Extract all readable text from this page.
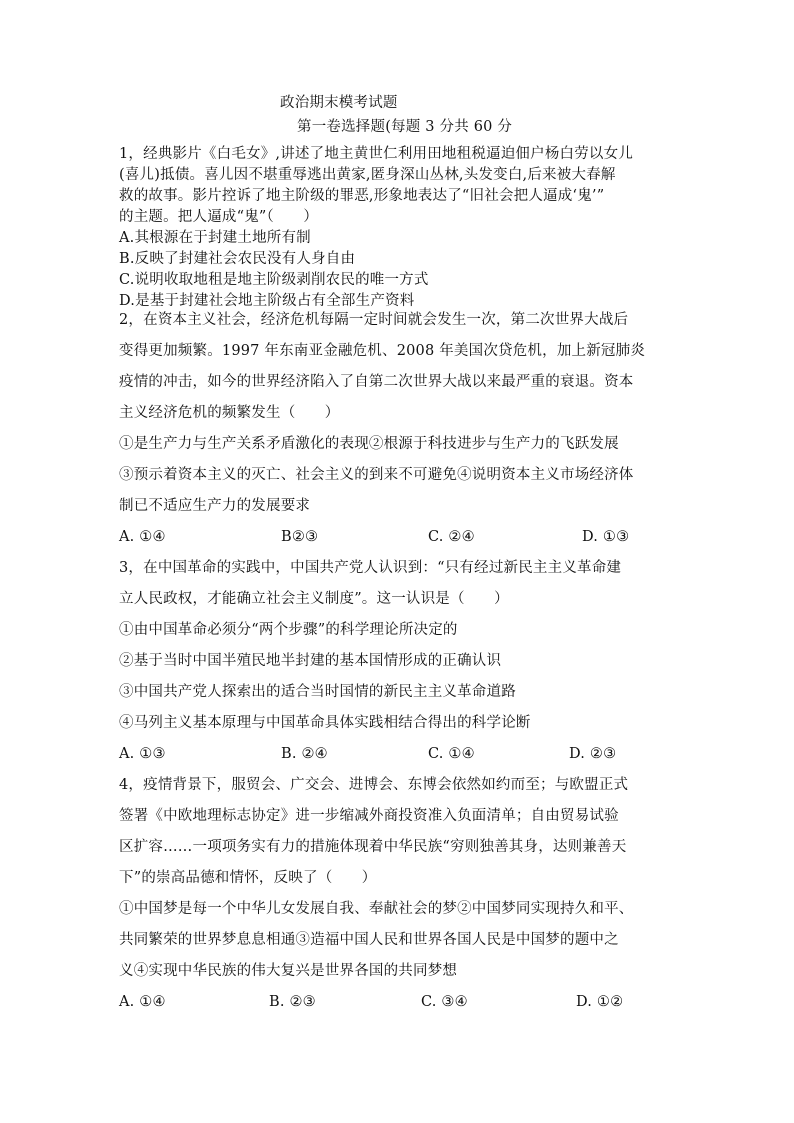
政治期末模考试题
第一卷选择题(每题 3 分共 60 分
1，经典影片《白毛女》,讲述了地主黄世仁利用田地租税逼迫佃户杨白劳以女儿
(喜儿)抵债。喜儿因不堪重辱逃出黄家,匿身深山丛林,头发变白,后来被大春解
救的故事。影片控诉了地主阶级的罪恶,形象地表达了“旧社会把人逼成‘鬼’”
的主题。把人逼成“鬼”（　　）
A.其根源在于封建土地所有制
B.反映了封建社会农民没有人身自由
C.说明收取地租是地主阶级剥削农民的唯一方式
D.是基于封建社会地主阶级占有全部生产资料
2，在资本主义社会，经济危机每隔一定时间就会发生一次，第二次世界大战后
变得更加频繁。1997 年东南亚金融危机、2008 年美国次贷危机，加上新冠肺炎
疫情的冲击，如今的世界经济陷入了自第二次世界大战以来最严重的衰退。资本
主义经济危机的频繁发生（　　）
①是生产力与生产关系矛盾激化的表现②根源于科技进步与生产力的飞跃发展
③预示着资本主义的灭亡、社会主义的到来不可避免④说明资本主义市场经济体
制已不适应生产力的发展要求
A. ①④	B②③	C. ②④	D. ①③
3，在中国革命的实践中，中国共产党人认识到：“只有经过新民主主义革命建
立人民政权，才能确立社会主义制度”。这一认识是（　　）
①由中国革命必须分“两个步骤”的科学理论所决定的
②基于当时中国半殖民地半封建的基本国情形成的正确认识
③中国共产党人探索出的适合当时国情的新民主主义革命道路
④马列主义基本原理与中国革命具体实践相结合得出的科学论断
A. ①③	B. ②④	C. ①④	D. ②③
4，疫情背景下，服贸会、广交会、进博会、东博会依然如约而至；与欧盟正式
签署《中欧地理标志协定》进一步缩减外商投资准入负面清单；自由贸易试验
区扩容……一项项务实有力的措施体现着中华民族“穷则独善其身，达则兼善天
下”的崇高品德和情怀，反映了（　　）
①中国梦是每一个中华儿女发展自我、奉献社会的梦②中国梦同实现持久和平、
共同繁荣的世界梦息息相通③造福中国人民和世界各国人民是中国梦的题中之
义④实现中华民族的伟大复兴是世界各国的共同梦想
A. ①④	B. ②③	C. ③④	D. ①②
